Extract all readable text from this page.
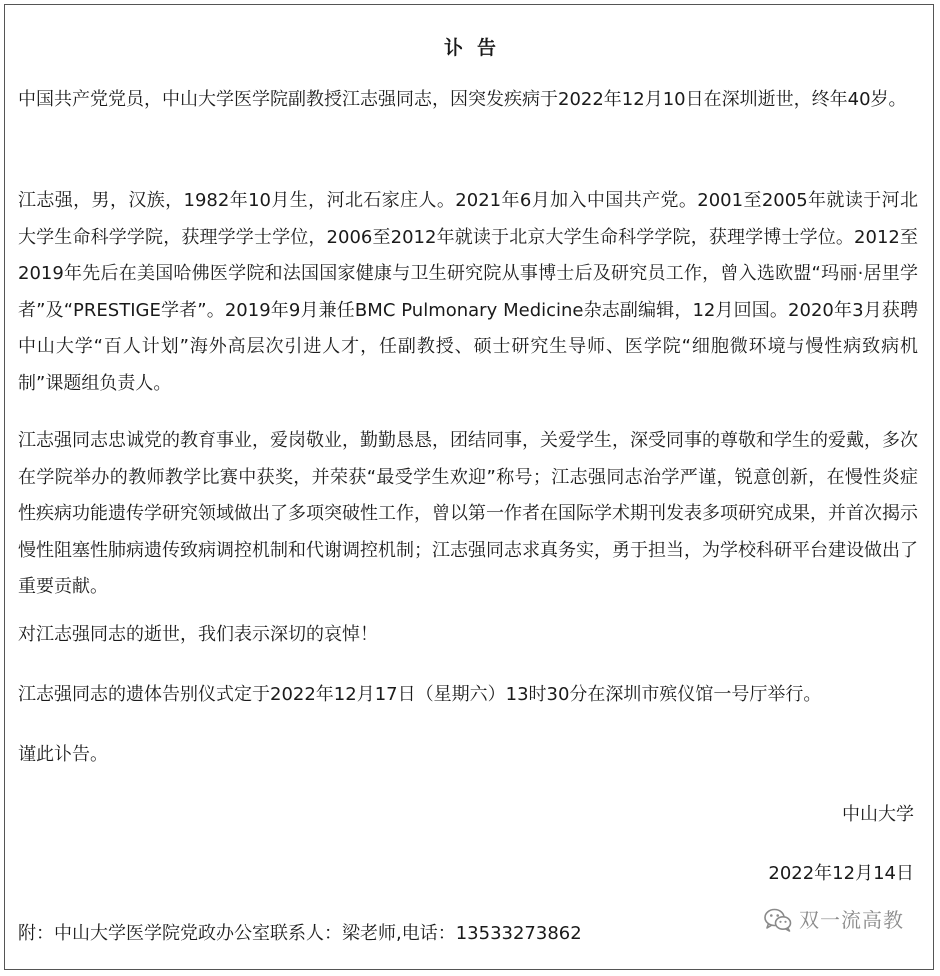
讣告

中国共产党党员，中山大学医学院副教授江志强同志，因突发疾病于2022年12月10日在深圳逝世，终年40岁。

江志强，男，汉族，1982年10月生，河北石家庄人。2021年6月加入中国共产党。2001至2005年就读于河北大学生命科学学院，获理学学士学位，2006至2012年就读于北京大学生命科学学院，获理学博士学位。2012至2019年先后在美国哈佛医学院和法国国家健康与卫生研究院从事博士后及研究员工作，曾入选欧盟“玛丽·居里学者”及“PRESTIGE学者”。2019年9月兼任BMC Pulmonary Medicine杂志副编辑，12月回国。2020年3月获聘中山大学“百人计划”海外高层次引进人才，任副教授、硕士研究生导师、医学院“细胞微环境与慢性病致病机制”课题组负责人。

江志强同志忠诚党的教育事业，爱岗敬业，勤勤恳恳，团结同事，关爱学生，深受同事的尊敬和学生的爱戴，多次在学院举办的教师教学比赛中获奖，并荣获“最受学生欢迎”称号；江志强同志治学严谨，锐意创新，在慢性炎症性疾病功能遗传学研究领域做出了多项突破性工作，曾以第一作者在国际学术期刊发表多项研究成果，并首次揭示慢性阻塞性肺病遗传致病调控机制和代谢调控机制；江志强同志求真务实，勇于担当，为学校科研平台建设做出了重要贡献。

对江志强同志的逝世，我们表示深切的哀悼！

江志强同志的遗体告别仪式定于2022年12月17日（星期六）13时30分在深圳市殡仪馆一号厅举行。

谨此讣告。

中山大学
2022年12月14日
附：中山大学医学院党政办公室联系人：梁老师,电话：13533273862
双一流高教
